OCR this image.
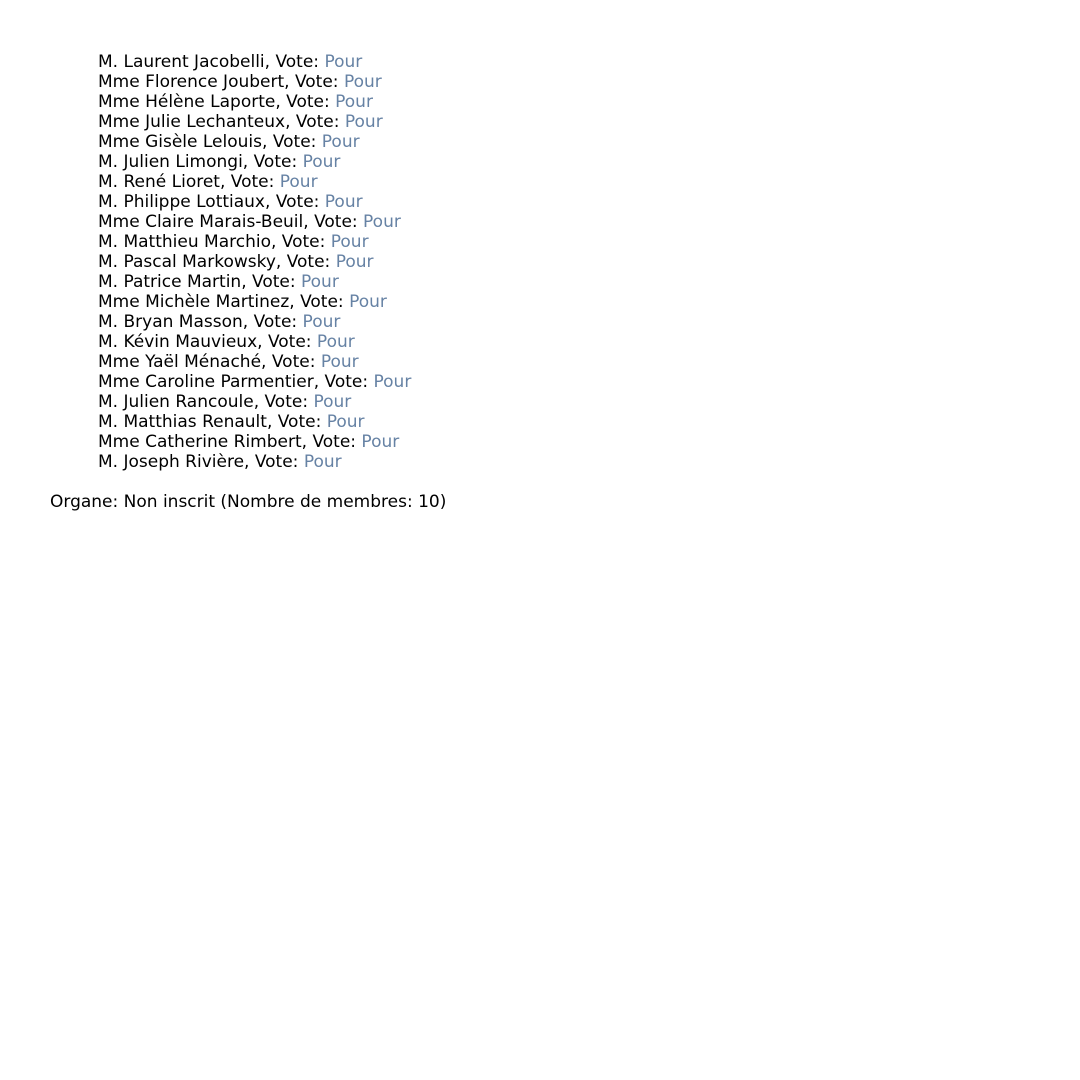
M. Laurent Jacobelli, Vote: Pour
Mme Florence Joubert, Vote: Pour
Mme Hélène Laporte, Vote: Pour
Mme Julie Lechanteux, Vote: Pour
Mme Gisèle Lelouis, Vote: Pour
M. Julien Limongi, Vote: Pour
M. René Lioret, Vote: Pour
M. Philippe Lottiaux, Vote: Pour
Mme Claire Marais-Beuil, Vote: Pour
M. Matthieu Marchio, Vote: Pour
M. Pascal Markowsky, Vote: Pour
M. Patrice Martin, Vote: Pour
Mme Michèle Martinez, Vote: Pour
M. Bryan Masson, Vote: Pour
M. Kévin Mauvieux, Vote: Pour
Mme Yaël Ménaché, Vote: Pour
Mme Caroline Parmentier, Vote: Pour
M. Julien Rancoule, Vote: Pour
M. Matthias Renault, Vote: Pour
Mme Catherine Rimbert, Vote: Pour
M. Joseph Rivière, Vote: Pour
Organe: Non inscrit (Nombre de membres: 10)
